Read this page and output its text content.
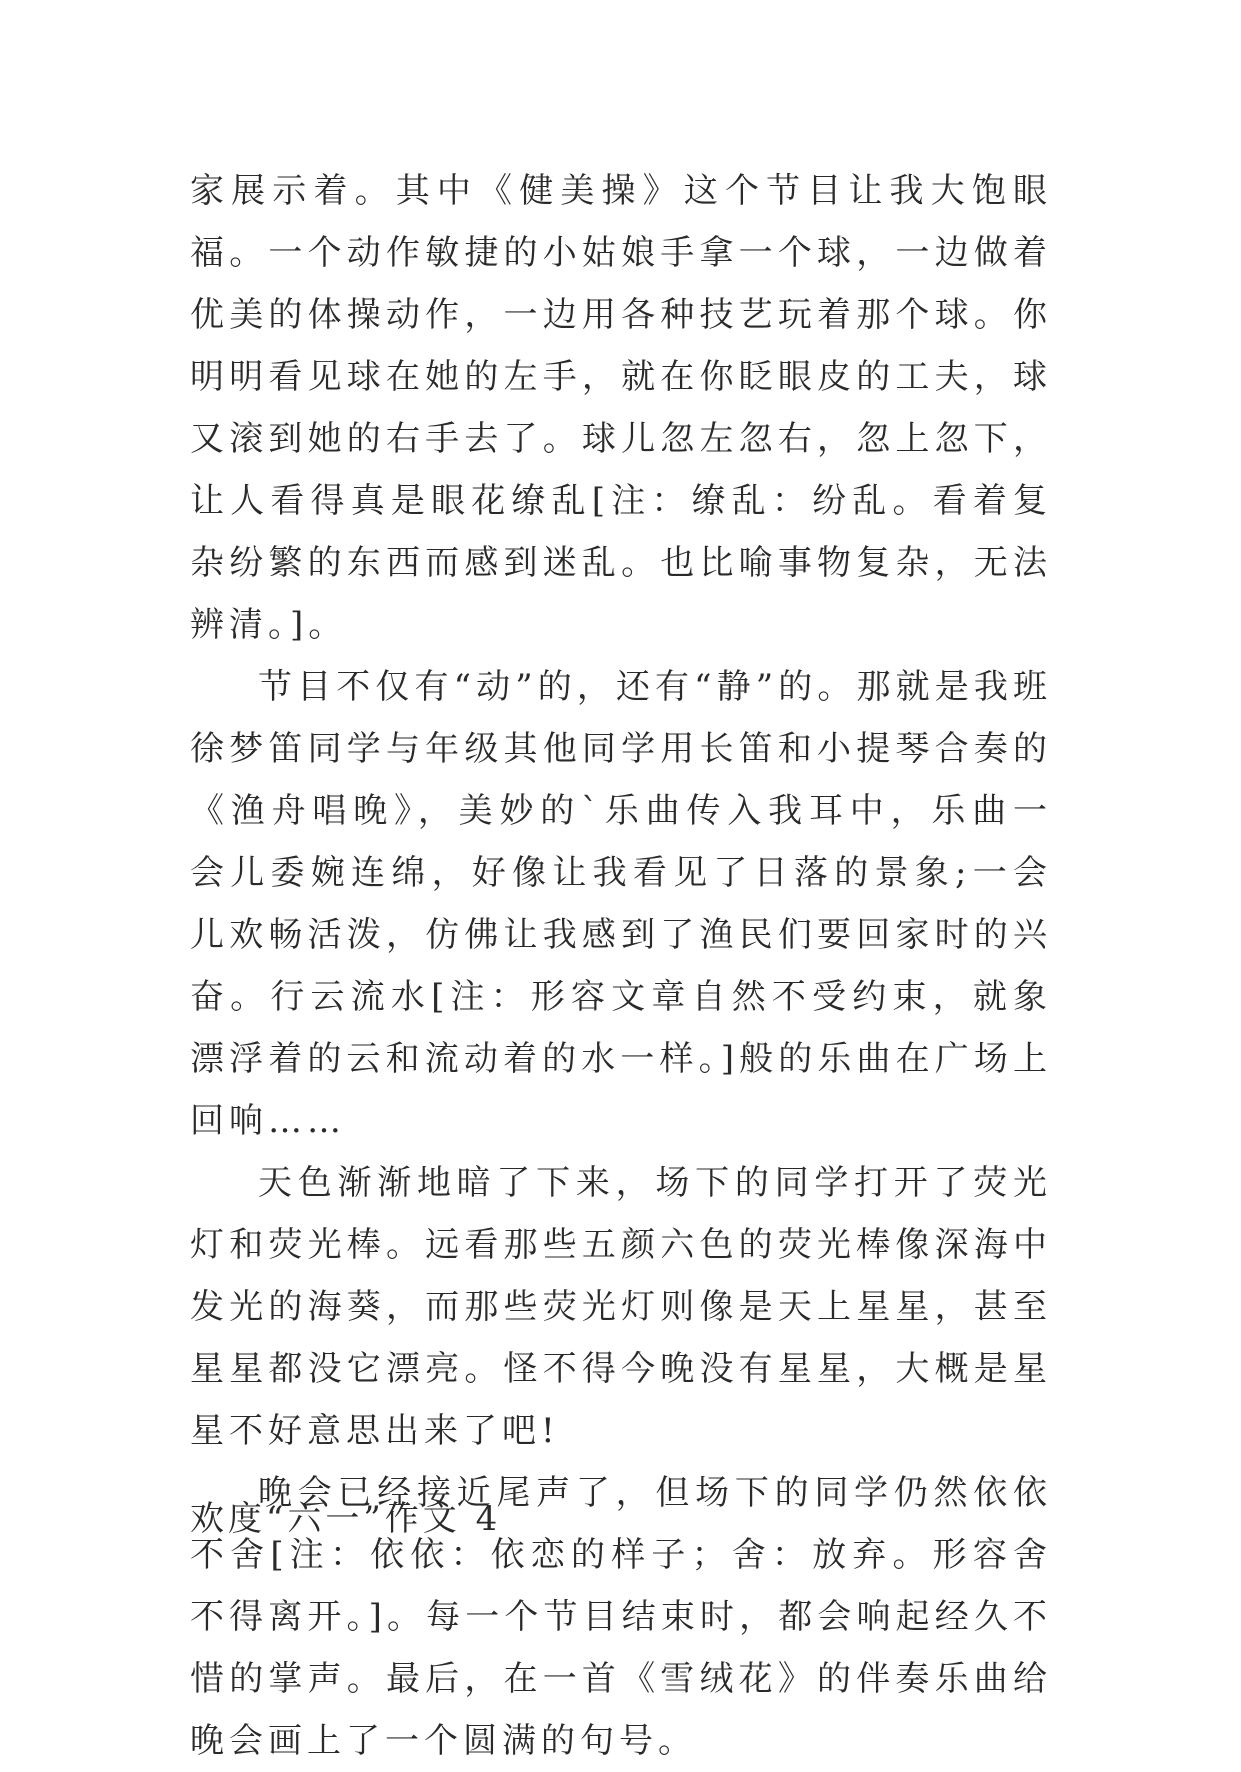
家展示着。其中《健美操》这个节目让我大饱眼福。一个动作敏捷的小姑娘手拿一个球，一边做着优美的体操动作，一边用各种技艺玩着那个球。你明明看见球在她的左手，就在你眨眼皮的工夫，球又滚到她的右手去了。球儿忽左忽右，忽上忽下，让人看得真是眼花缭乱[注：缭乱：纷乱。看着复杂纷繁的东西而感到迷乱。也比喻事物复杂，无法辨清。]。

节目不仅有“动”的，还有“静”的。那就是我班徐梦笛同学与年级其他同学用长笛和小提琴合奏的《渔舟唱晚》，美妙的`乐曲传入我耳中，乐曲一会儿委婉连绵，好像让我看见了日落的景象;一会儿欢畅活泼，仿佛让我感到了渔民们要回家时的兴奋。行云流水[注：形容文章自然不受约束，就象漂浮着的云和流动着的水一样。]般的乐曲在广场上回响……

天色渐渐地暗了下来，场下的同学打开了荧光灯和荧光棒。远看那些五颜六色的荧光棒像深海中发光的海葵，而那些荧光灯则像是天上星星，甚至星星都没它漂亮。怪不得今晚没有星星，大概是星星不好意思出来了吧!

晚会已经接近尾声了，但场下的同学仍然依依不舍[注：依依：依恋的样子；舍：放弃。形容舍不得离开。]。每一个节目结束时，都会响起经久不惜的掌声。最后，在一首《雪绒花》的伴奏乐曲给晚会画上了一个圆满的句号。

欢度“六一”作文 4
